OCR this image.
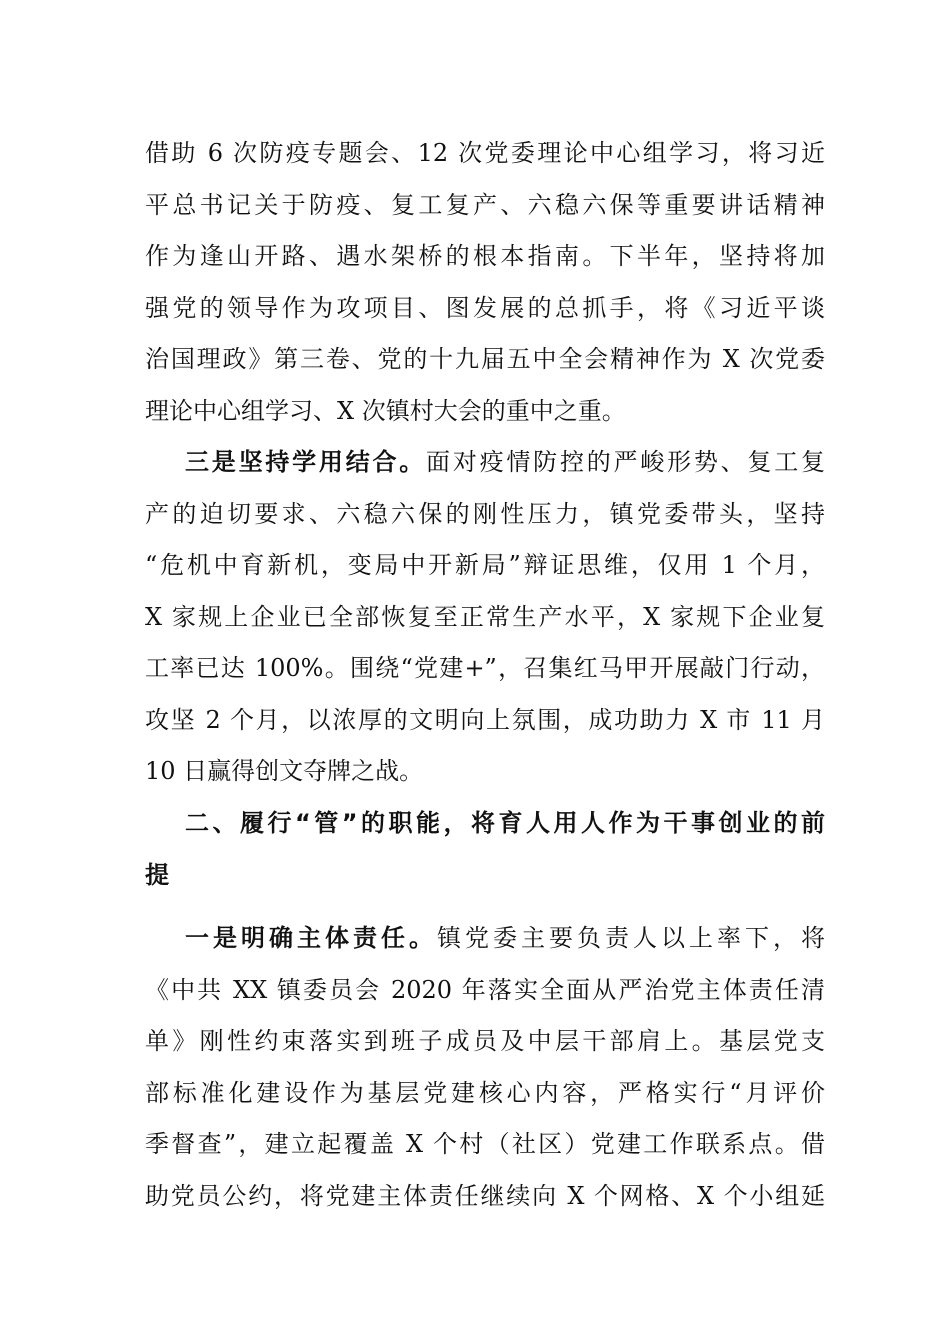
借助 6 次防疫专题会、12 次党委理论中心组学习，将习近
平总书记关于防疫、复工复产、六稳六保等重要讲话精神
作为逢山开路、遇水架桥的根本指南。下半年，坚持将加
强党的领导作为攻项目、图发展的总抓手，将《习近平谈
治国理政》第三卷、党的十九届五中全会精神作为 X 次党委
理论中心组学习、X 次镇村大会的重中之重。
三是坚持学用结合。面对疫情防控的严峻形势、复工复
产的迫切要求、六稳六保的刚性压力，镇党委带头，坚持
“危机中育新机，变局中开新局”辩证思维，仅用 1 个月，
X 家规上企业已全部恢复至正常生产水平，X 家规下企业复
工率已达 100%。围绕“党建+”，召集红马甲开展敲门行动，
攻坚 2 个月，以浓厚的文明向上氛围，成功助力 X 市 11 月
10 日赢得创文夺牌之战。
二、履行“管”的职能，将育人用人作为干事创业的前
提
一是明确主体责任。镇党委主要负责人以上率下，将
《中共 XX 镇委员会 2020 年落实全面从严治党主体责任清
单》刚性约束落实到班子成员及中层干部肩上。基层党支
部标准化建设作为基层党建核心内容，严格实行“月评价
季督查”，建立起覆盖 X 个村（社区）党建工作联系点。借
助党员公约，将党建主体责任继续向 X 个网格、X 个小组延
